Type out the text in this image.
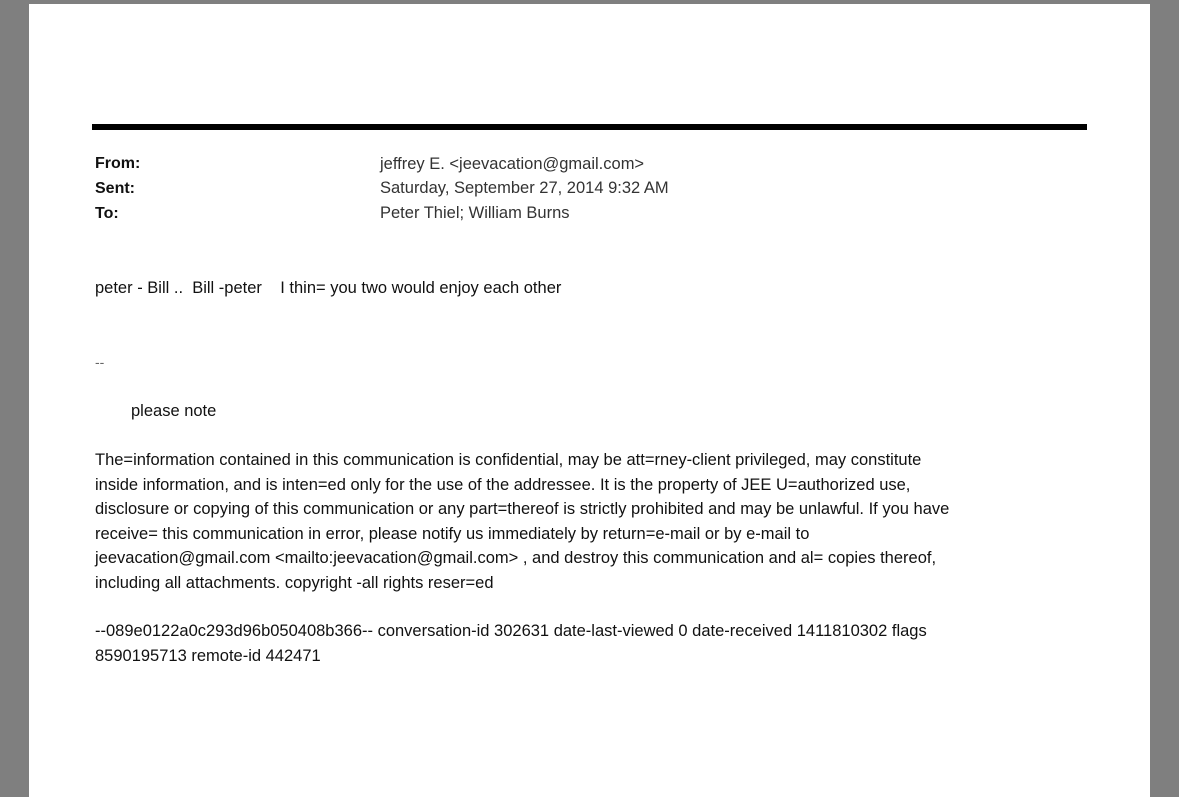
From:	jeffrey E. <jeevacation@gmail.com>
Sent:	Saturday, September 27, 2014 9:32 AM
To:	Peter Thiel; William Burns
peter - Bill ..  Bill -peter    I thin= you two would enjoy each other
--
please note
The=information contained in this communication is confidential, may be att=rney-client privileged, may constitute
inside information, and is inten=ed only for the use of the addressee. It is the property of JEE U=authorized use,
disclosure or copying of this communication or any part=thereof is strictly prohibited and may be unlawful. If you have
receive= this communication in error, please notify us immediately by return=e-mail or by e-mail to
jeevacation@gmail.com <mailto:jeevacation@gmail.com> , and destroy this communication and al= copies thereof,
including all attachments. copyright -all rights reser=ed
--089e0122a0c293d96b050408b366-- conversation-id 302631 date-last-viewed 0 date-received 1411810302 flags
8590195713 remote-id 442471
